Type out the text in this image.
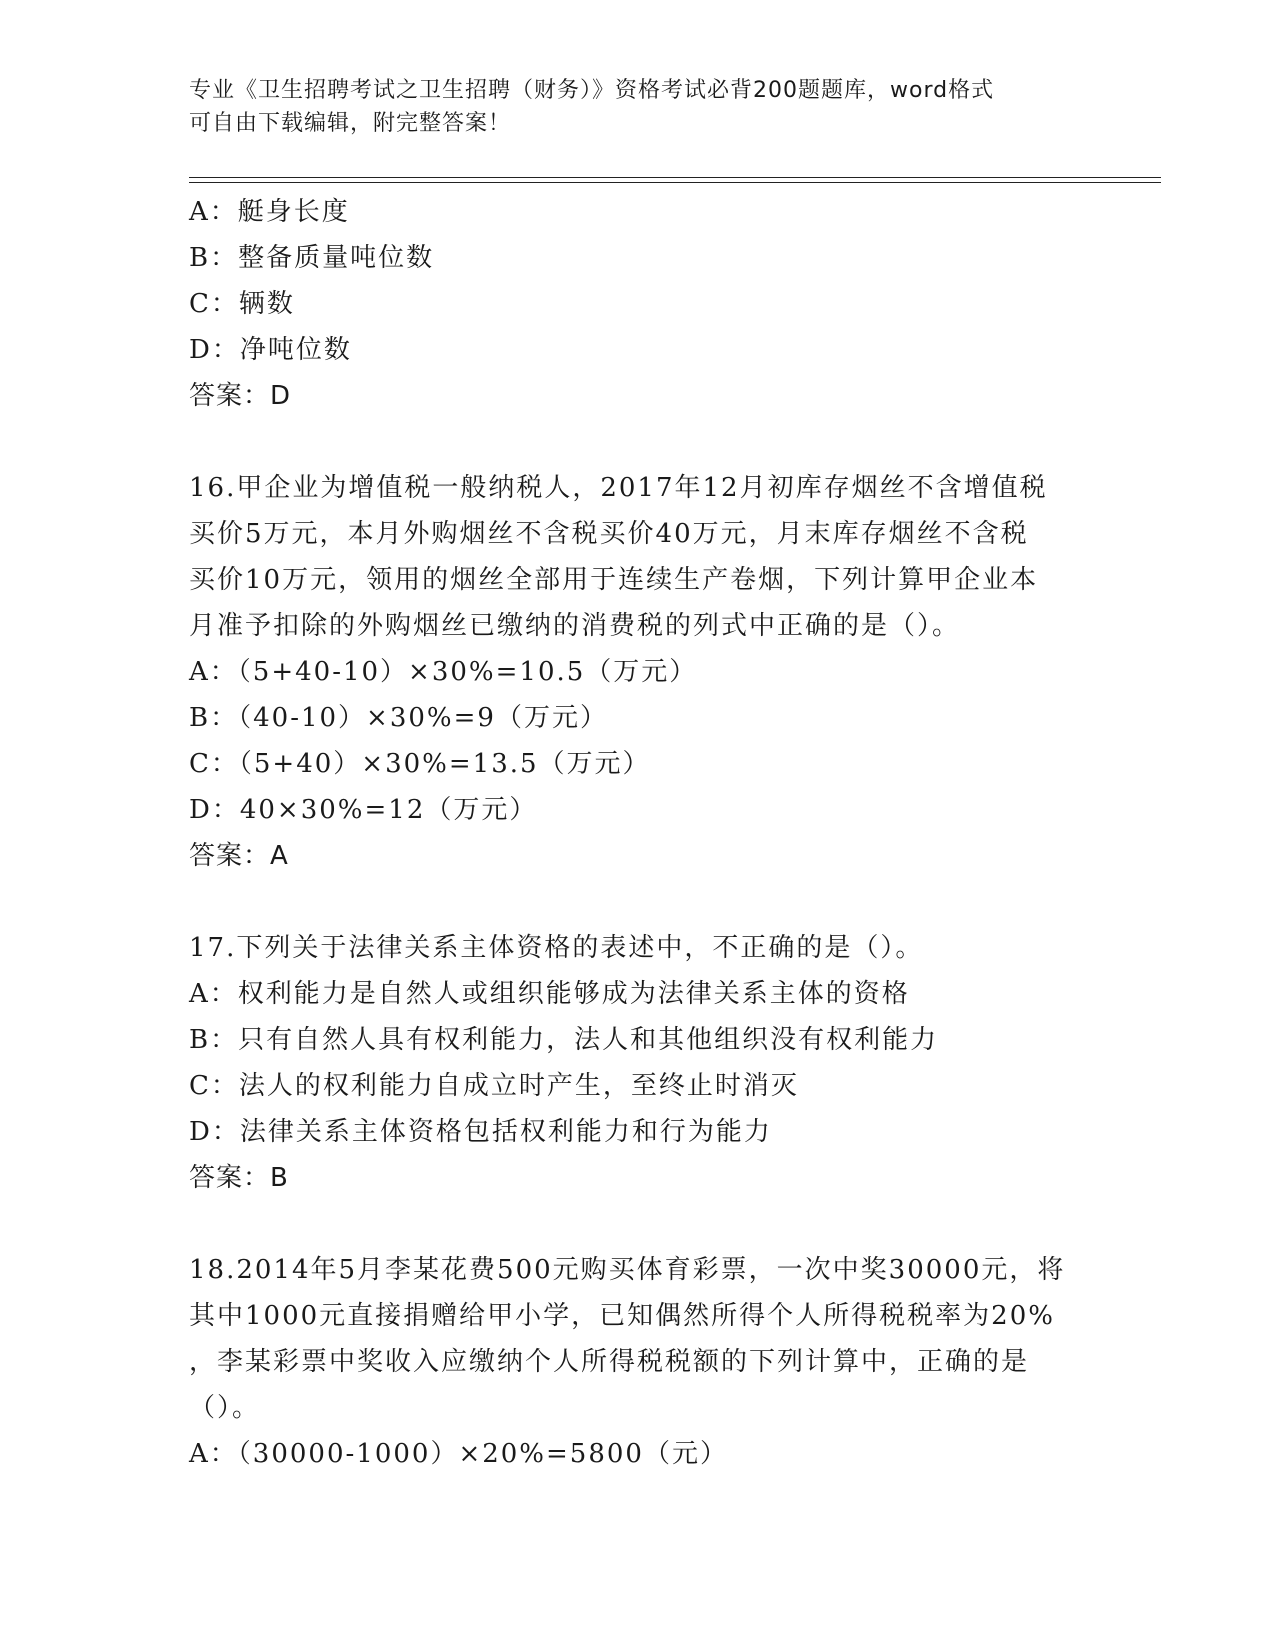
专业《卫生招聘考试之卫生招聘（财务）》资格考试必背200题题库，word格式
可自由下载编辑，附完整答案！
A：艇身长度
B：整备质量吨位数
C：辆数
D：净吨位数
答案：D
16.甲企业为增值税一般纳税人，2017年12月初库存烟丝不含增值税
买价5万元，本月外购烟丝不含税买价40万元，月末库存烟丝不含税
买价10万元，领用的烟丝全部用于连续生产卷烟，下列计算甲企业本
月准予扣除的外购烟丝已缴纳的消费税的列式中正确的是（）。
A：（5+40-10）×30%=10.5（万元）
B：（40-10）×30%=9（万元）
C：（5+40）×30%=13.5（万元）
D：40×30%=12（万元）
答案：A
17.下列关于法律关系主体资格的表述中，不正确的是（）。
A：权利能力是自然人或组织能够成为法律关系主体的资格
B：只有自然人具有权利能力，法人和其他组织没有权利能力
C：法人的权利能力自成立时产生，至终止时消灭
D：法律关系主体资格包括权利能力和行为能力
答案：B
18.2014年5月李某花费500元购买体育彩票，一次中奖30000元，将
其中1000元直接捐赠给甲小学，已知偶然所得个人所得税税率为20%
，李某彩票中奖收入应缴纳个人所得税税额的下列计算中，正确的是
（）。
A：（30000-1000）×20%=5800（元）
